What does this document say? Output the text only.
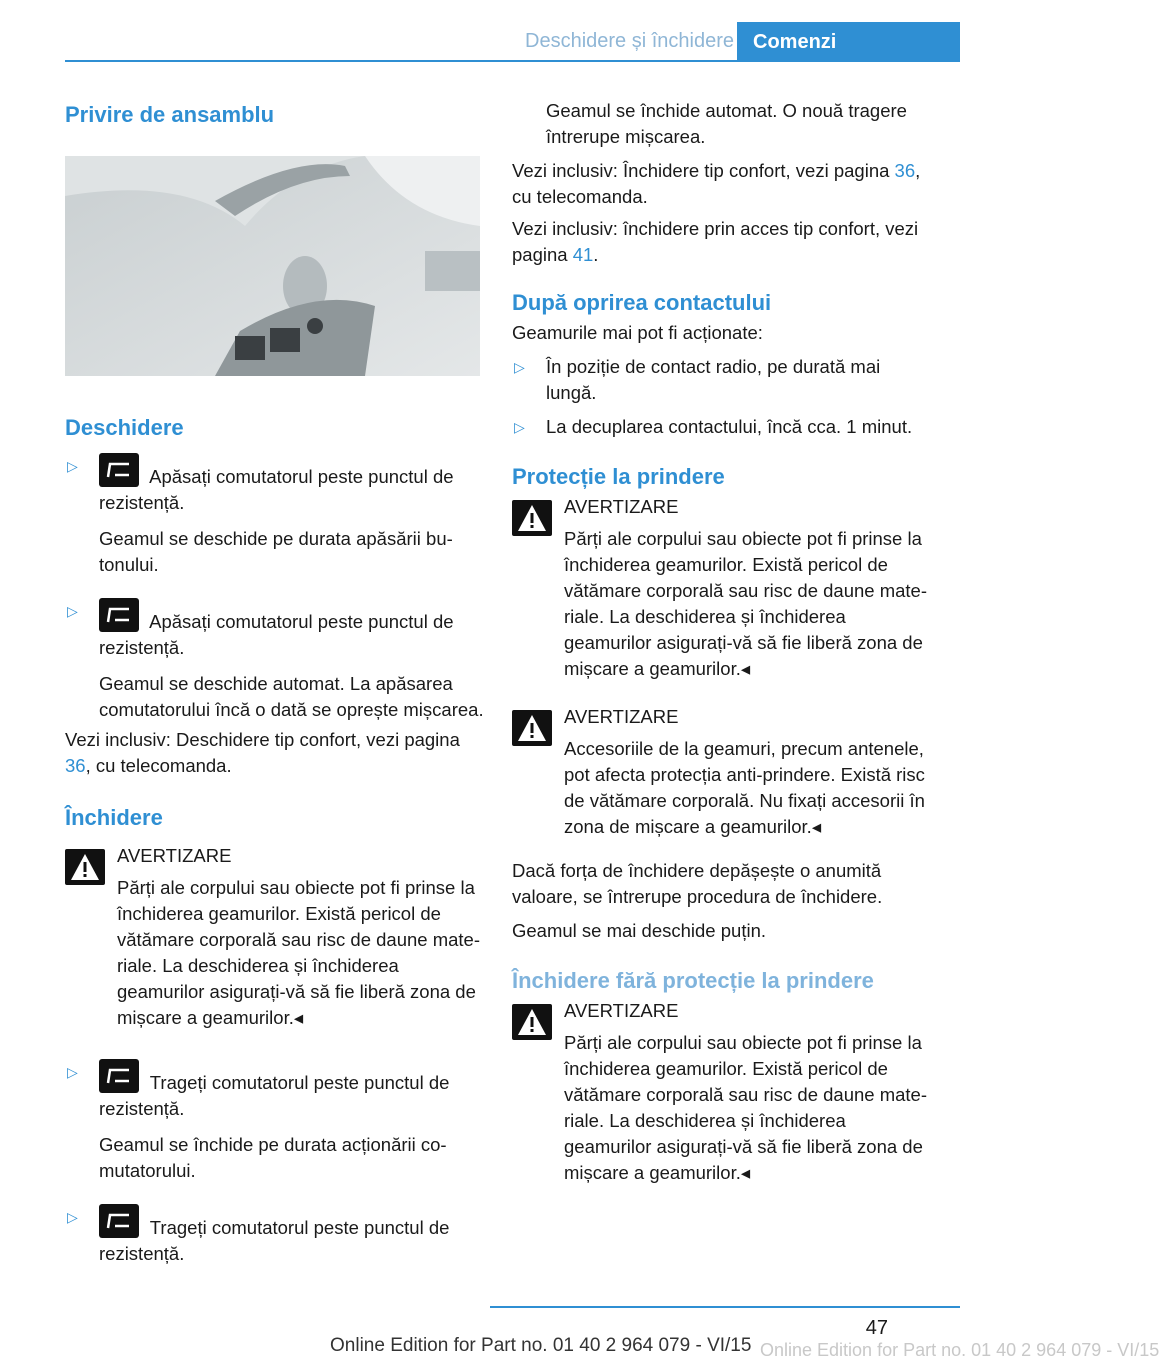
Deschidere și închidere Comenzi
Privire de ansamblu
Deschidere
▷	Apăsați comutatorul peste punctul de rezistență.

Geamul se deschide pe durata apăsării butonului.

▷	Apăsați comutatorul peste punctul de rezistență.

Geamul se deschide automat. La apăsarea comutatorului încă o dată se oprește mișcarea.

Vezi inclusiv: Deschidere tip confort, vezi pagina 36, cu telecomanda.

Închidere

AVERTIZARE

Părți ale corpului sau obiecte pot fi prinse la închiderea geamurilor. Există pericol de vătămare corporală sau risc de daune materiale. La deschiderea și închiderea geamurilor asigurați-vă să fie liberă zona de mișcare a geamurilor.◂

▷	Trageți comutatorul peste punctul de rezistență.

Geamul se închide pe durata acționării comutatorului.

▷	Trageți comutatorul peste punctul de rezistență.

Geamul se închide automat. O nouă tragere întrerupe mișcarea.

Vezi inclusiv: Închidere tip confort, vezi pagina 36, cu telecomanda.

Vezi inclusiv: închidere prin acces tip confort, vezi pagina 41.

După oprirea contactului

Geamurile mai pot fi acționate:

▷ În poziție de contact radio, pe durată mai lungă.
▷ La decuplarea contactului, încă cca. 1 minut.
Protecție la prindere

AVERTIZARE

Părți ale corpului sau obiecte pot fi prinse la închiderea geamurilor. Există pericol de vătămare corporală sau risc de daune materiale. La deschiderea și închiderea geamurilor asigurați-vă să fie liberă zona de mișcare a geamurilor.◂

AVERTIZARE

Accesoriile de la geamuri, precum antenele, pot afecta protecția anti-prindere. Există risc de vătămare corporală. Nu fixați accesorii în zona de mișcare a geamurilor.◂

Dacă forța de închidere depășește o anumită valoare, se întrerupe procedura de închidere.

Geamul se mai deschide puțin.

Închidere fără protecție la prindere

AVERTIZARE

Părți ale corpului sau obiecte pot fi prinse la închiderea geamurilor. Există pericol de vătămare corporală sau risc de daune materiale. La deschiderea și închiderea geamurilor asigurați-vă să fie liberă zona de mișcare a geamurilor.◂

47
Online Edition for Part no. 01 40 2 964 079 - VI/15 Online Edition for Part no. 01 40 2 964 079 - VI/15
